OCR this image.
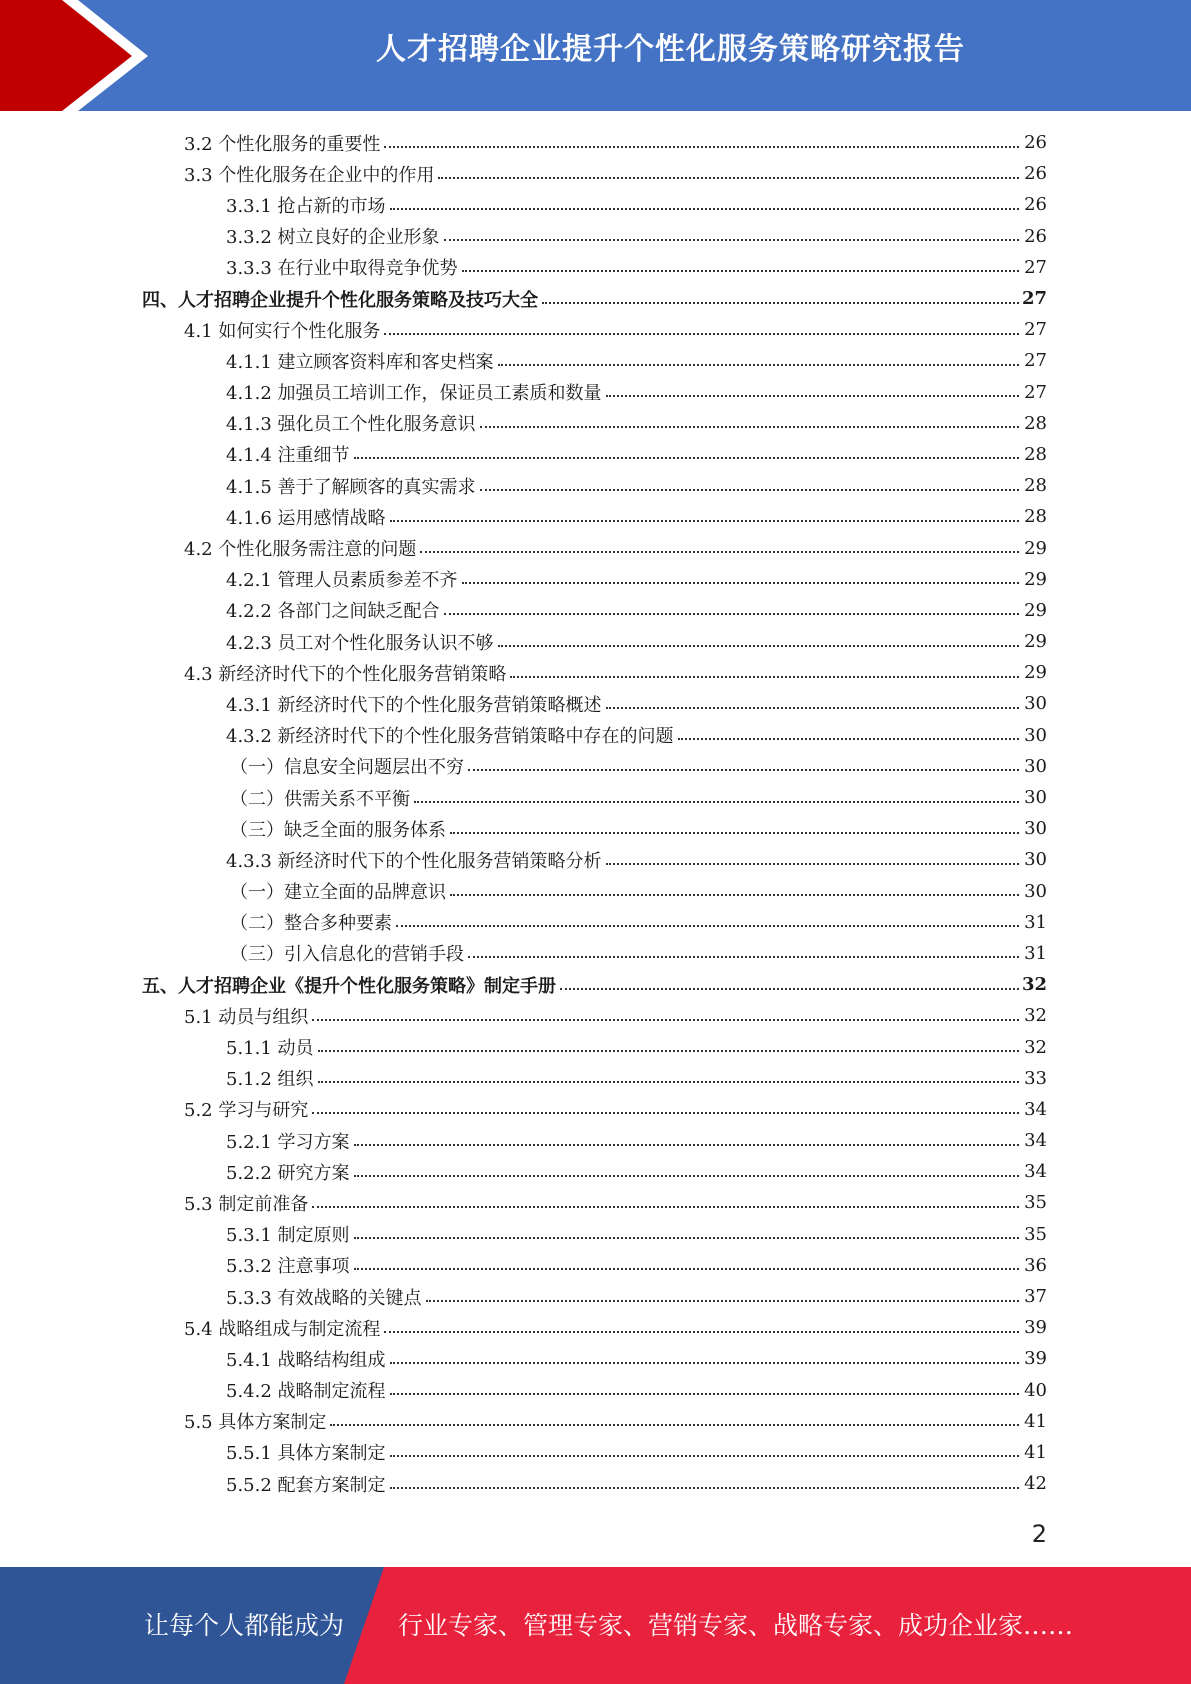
人才招聘企业提升个性化服务策略研究报告
3.2 个性化服务的重要性	26
3.3 个性化服务在企业中的作用	26
3.3.1 抢占新的市场	26
3.3.2 树立良好的企业形象	26
3.3.3 在行业中取得竞争优势	27
四、人才招聘企业提升个性化服务策略及技巧大全	27
4.1 如何实行个性化服务	27
4.1.1 建立顾客资料库和客史档案	27
4.1.2 加强员工培训工作，保证员工素质和数量	27
4.1.3 强化员工个性化服务意识	28
4.1.4 注重细节	28
4.1.5 善于了解顾客的真实需求	28
4.1.6 运用感情战略	28
4.2 个性化服务需注意的问题	29
4.2.1 管理人员素质参差不齐	29
4.2.2 各部门之间缺乏配合	29
4.2.3 员工对个性化服务认识不够	29
4.3 新经济时代下的个性化服务营销策略	29
4.3.1 新经济时代下的个性化服务营销策略概述	30
4.3.2 新经济时代下的个性化服务营销策略中存在的问题	30
（一）信息安全问题层出不穷	30
（二）供需关系不平衡	30
（三）缺乏全面的服务体系	30
4.3.3 新经济时代下的个性化服务营销策略分析	30
（一）建立全面的品牌意识	30
（二）整合多种要素	31
（三）引入信息化的营销手段	31
五、人才招聘企业《提升个性化服务策略》制定手册	32
5.1 动员与组织	32
5.1.1 动员	32
5.1.2 组织	33
5.2 学习与研究	34
5.2.1 学习方案	34
5.2.2 研究方案	34
5.3 制定前准备	35
5.3.1 制定原则	35
5.3.2 注意事项	36
5.3.3 有效战略的关键点	37
5.4 战略组成与制定流程	39
5.4.1 战略结构组成	39
5.4.2 战略制定流程	40
5.5 具体方案制定	41
5.5.1 具体方案制定	41
5.5.2 配套方案制定	42
2
让每个人都能成为 行业专家、管理专家、营销专家、战略专家、成功企业家……
